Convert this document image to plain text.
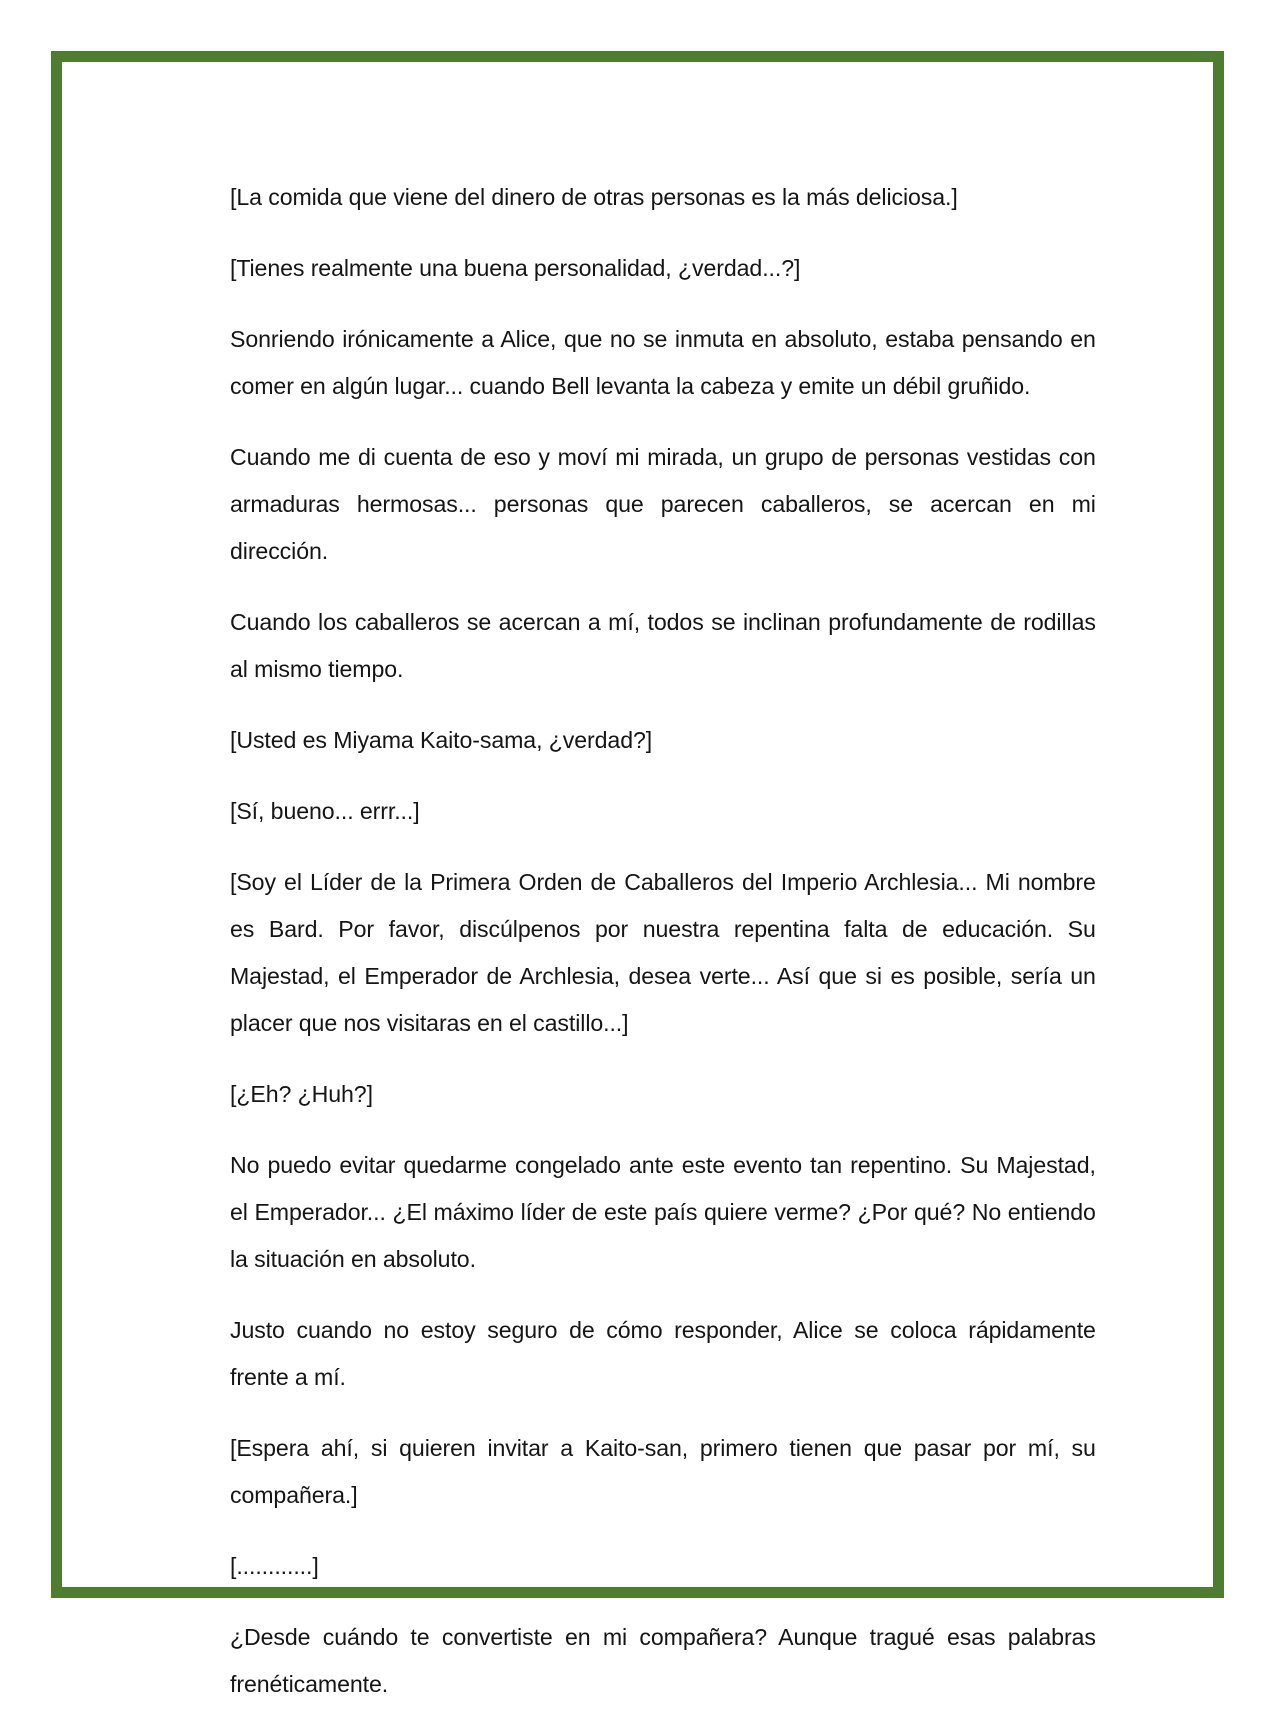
[La comida que viene del dinero de otras personas es la más deliciosa.]

[Tienes realmente una buena personalidad, ¿verdad...?]

Sonriendo irónicamente a Alice, que no se inmuta en absoluto, estaba pensando en comer en algún lugar... cuando Bell levanta la cabeza y emite un débil gruñido.

Cuando me di cuenta de eso y moví mi mirada, un grupo de personas vestidas con armaduras hermosas... personas que parecen caballeros, se acercan en mi dirección.

Cuando los caballeros se acercan a mí, todos se inclinan profundamente de rodillas al mismo tiempo.

[Usted es Miyama Kaito-sama, ¿verdad?]

[Sí, bueno... errr...]

[Soy el Líder de la Primera Orden de Caballeros del Imperio Archlesia... Mi nombre es Bard. Por favor, discúlpenos por nuestra repentina falta de educación. Su Majestad, el Emperador de Archlesia, desea verte... Así que si es posible, sería un placer que nos visitaras en el castillo...]

[¿Eh? ¿Huh?]

No puedo evitar quedarme congelado ante este evento tan repentino. Su Majestad, el Emperador... ¿El máximo líder de este país quiere verme? ¿Por qué? No entiendo la situación en absoluto.

Justo cuando no estoy seguro de cómo responder, Alice se coloca rápidamente frente a mí.

[Espera ahí, si quieren invitar a Kaito-san, primero tienen que pasar por mí, su compañera.]

[............]

¿Desde cuándo te convertiste en mi compañera? Aunque tragué esas palabras frenéticamente.
